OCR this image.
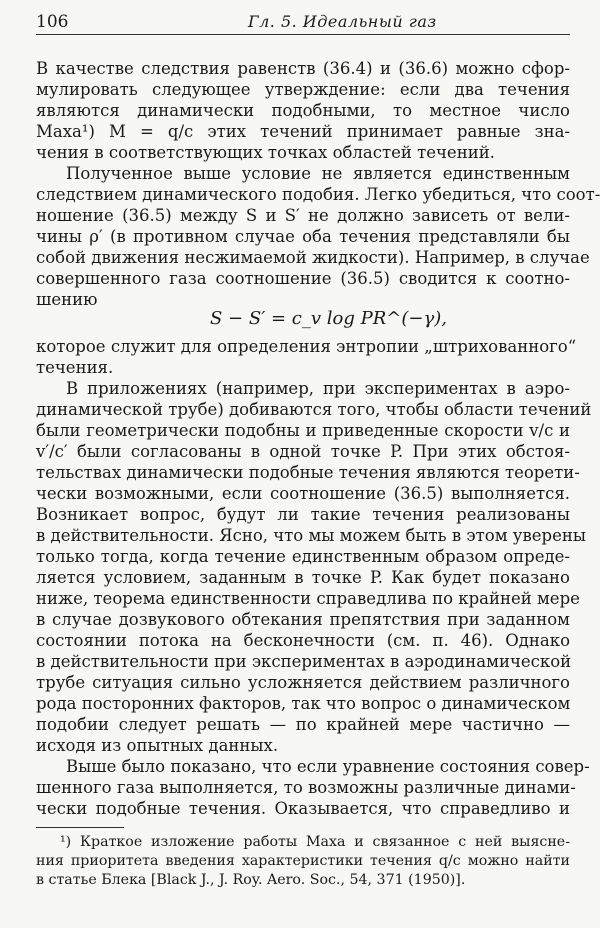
106	Гл. 5. Идеальный газ
В качестве следствия равенств (36.4) и (36.6) можно сфор-
мулировать следующее утверждение: если два течения
являются динамически подобными, то местное число
Маха¹) M = q/c этих течений принимает равные зна-
чения в соответствующих точках областей течений.
Полученное выше условие не является единственным
следствием динамического подобия. Легко убедиться, что соот-
ношение (36.5) между S и S′ не должно зависеть от вели-
чины ρ′ (в противном случае оба течения представляли бы
собой движения несжимаемой жидкости). Например, в случае
совершенного газа соотношение (36.5) сводится к соотно-
шению
S − S′ = c_v log PR^(−γ),
которое служит для определения энтропии „штрихованного“
течения.
В приложениях (например, при экспериментах в аэро-
динамической трубе) добиваются того, чтобы области течений
были геометрически подобны и приведенные скорости v/c и
v′/c′ были согласованы в одной точке P. При этих обстоя-
тельствах динамически подобные течения являются теорети-
чески возможными, если соотношение (36.5) выполняется.
Возникает вопрос, будут ли такие течения реализованы
в действительности. Ясно, что мы можем быть в этом уверены
только тогда, когда течение единственным образом опреде-
ляется условием, заданным в точке P. Как будет показано
ниже, теорема единственности справедлива по крайней мере
в случае дозвукового обтекания препятствия при заданном
состоянии потока на бесконечности (см. п. 46). Однако
в действительности при экспериментах в аэродинамической
трубе ситуация сильно усложняется действием различного
рода посторонних факторов, так что вопрос о динамическом
подобии следует решать — по крайней мере частично —
исходя из опытных данных.
Выше было показано, что если уравнение состояния совер-
шенного газа выполняется, то возможны различные динами-
чески подобные течения. Оказывается, что справедливо и
¹) Краткое изложение работы Маха и связанное с ней выяснe-
ния приоритета введения характеристики течения q/c можно найти
в статье Блека [Black J., J. Roy. Aero. Soc., 54, 371 (1950)].
